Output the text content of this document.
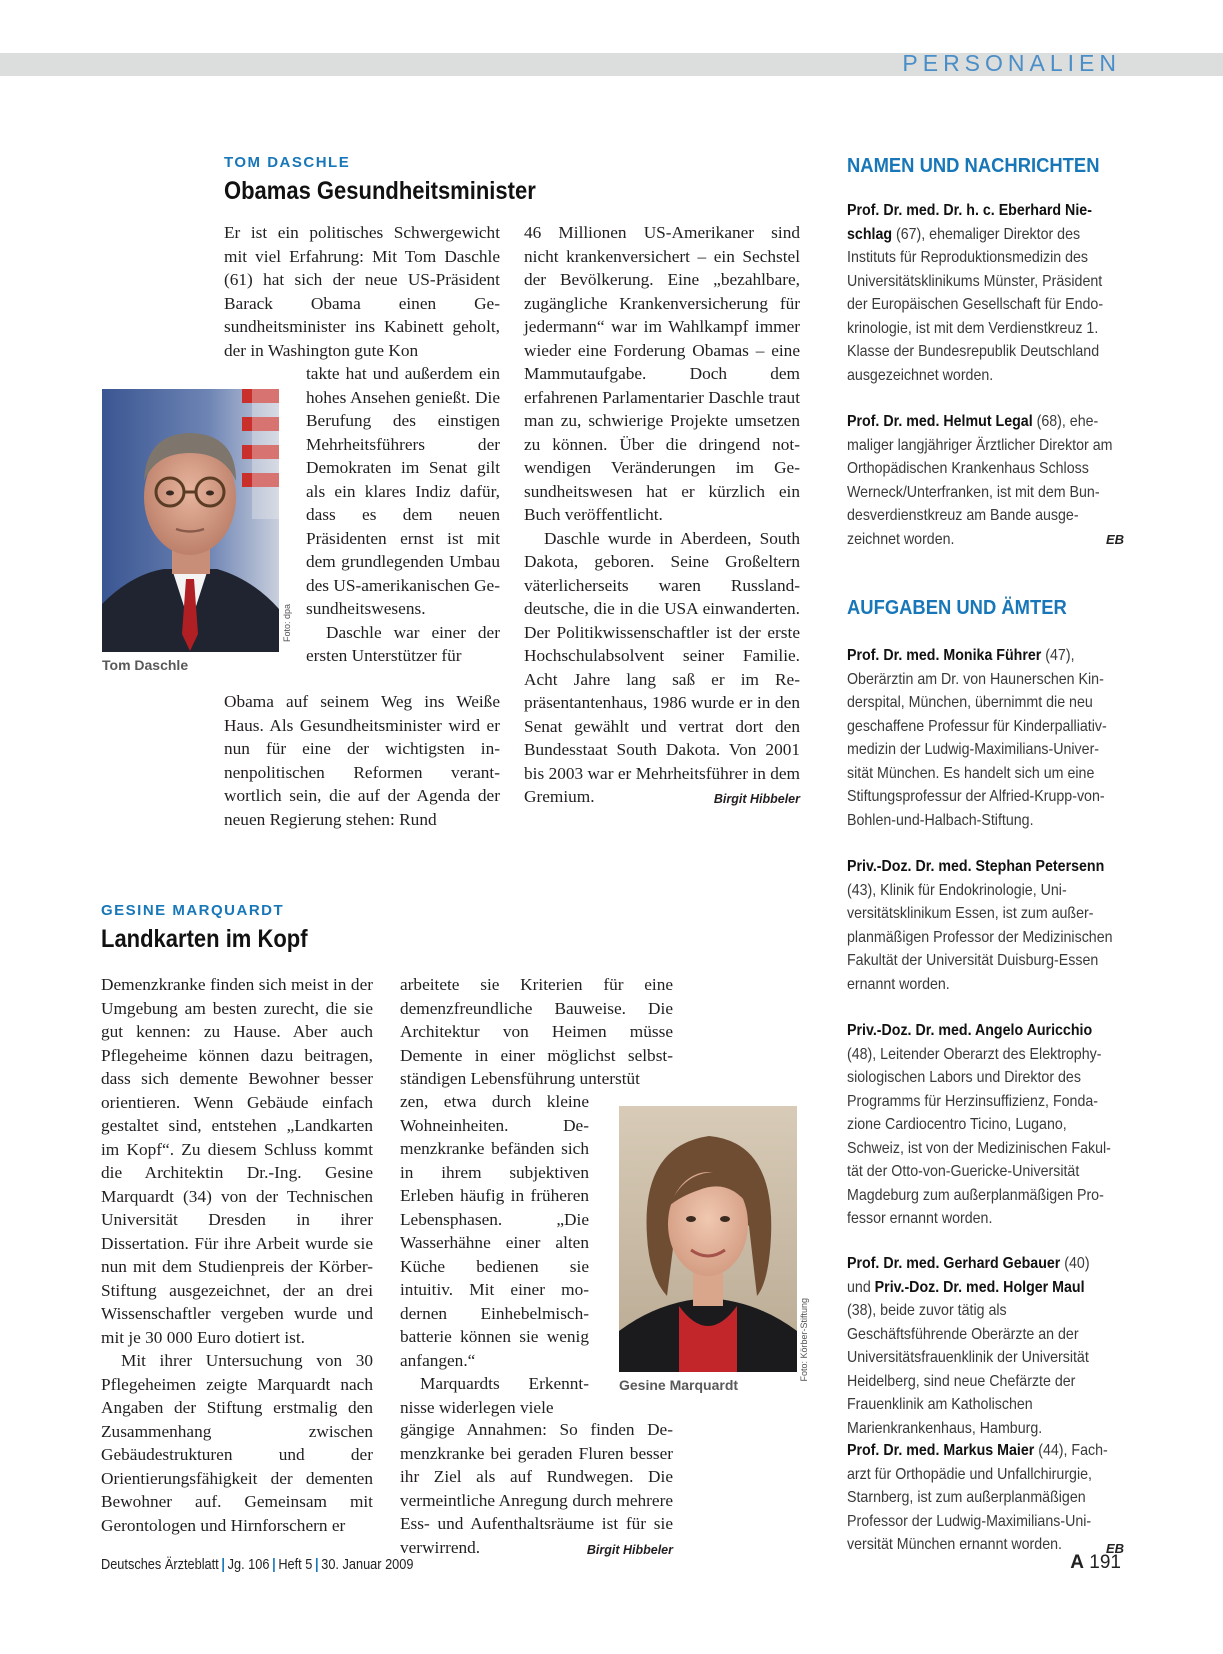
PERSONALIEN
TOM DASCHLE
Obamas Gesundheitsminister
Foto: dpa
Tom Daschle

Er ist ein politisches Schwergewicht mit viel Erfahrung: Mit Tom Daschle (61) hat sich der neue US-Präsident Barack Obama einen Gesundheitsminister ins Kabinett geholt, der in Washington gute Kon

takte hat und außerdem ein hohes Ansehen genießt. Die Berufung des einstigen Mehrheitsführers der Demokraten im Senat gilt als ein klares Indiz dafür, dass es dem neuen Präsidenten ernst ist mit dem grundlegenden Umbau des US-amerikanischen Gesundheitswesens.

Daschle war einer der ersten Unterstützer für

Obama auf seinem Weg ins Weiße Haus. Als Gesundheitsminister wird er nun für eine der wichtigsten innenpolitischen Reformen verantwortlich sein, die auf der Agenda der neuen Regierung stehen: Rund

46 Millionen US-Amerikaner sind nicht krankenversichert – ein Sechstel der Bevölkerung. Eine „bezahlbare, zugängliche Krankenversicherung für jedermann“ war im Wahlkampf immer wieder eine Forderung Obamas – eine Mammutaufgabe. Doch dem erfahrenen Parlamentarier Daschle traut man zu, schwierige Projekte umsetzen zu können. Über die dringend notwendigen Veränderungen im Gesundheitswesen hat er kürzlich ein Buch veröffentlicht.

Daschle wurde in Aberdeen, South Dakota, geboren. Seine Großeltern väterlicherseits waren Russlanddeutsche, die in die USA einwanderten. Der Politikwissenschaftler ist der erste Hochschulabsolvent seiner Familie. Acht Jahre lang saß er im Repräsentantenhaus, 1986 wurde er in den Senat gewählt und vertrat dort den Bundesstaat South Dakota. Von 2001 bis 2003 war er Mehrheitsführer in dem Gremium.	Birgit Hibbeler

GESINE MARQUARDT
Landkarten im Kopf

Demenzkranke finden sich meist in der Umgebung am besten zurecht, die sie gut kennen: zu Hause. Aber auch Pflegeheime können dazu beitragen, dass sich demente Bewohner besser orientieren. Wenn Gebäude einfach gestaltet sind, entstehen „Landkarten im Kopf“. Zu diesem Schluss kommt die Architektin Dr.-Ing. Gesine Marquardt (34) von der Technischen Universität Dresden in ihrer Dissertation. Für ihre Arbeit wurde sie nun mit dem Studienpreis der Körber-Stiftung ausgezeichnet, der an drei Wissenschaftler vergeben wurde und mit je 30 000 Euro dotiert ist.

Mit ihrer Untersuchung von 30 Pflegeheimen zeigte Marquardt nach Angaben der Stiftung erstmalig den Zusammenhang zwischen Gebäudestrukturen und der Orientierungsfähigkeit der dementen Bewohner auf. Gemeinsam mit Gerontologen und Hirnforschern er

arbeitete sie Kriterien für eine demenzfreundliche Bauweise. Die Architektur von Heimen müsse Demente in einer möglichst selbstständigen Lebensführung unterstüt

zen, etwa durch kleine Wohneinheiten. Demenzkranke befänden sich in ihrem subjektiven Erleben häufig in früheren Lebensphasen. „Die Wasserhähne einer alten Küche bedienen sie intuitiv. Mit einer modernen Einhebelmischbatterie können sie wenig anfangen.“

Marquardts Erkenntnisse widerlegen viele

gängige Annahmen: So finden Demenzkranke bei geraden Fluren besser ihr Ziel als auf Rundwegen. Die vermeintliche Anregung durch mehrere Ess- und Aufenthaltsräume ist für sie verwirrend.	Birgit Hibbeler

Foto: Körber-Stiftung
Gesine Marquardt
NAMEN UND NACHRICHTEN
Prof. Dr. med. Dr. h. c. Eberhard Nieschlag (67), ehemaliger Direktor des Instituts für Reproduktionsmedizin des Universitätsklinikums Münster, Präsident der Europäischen Gesellschaft für Endokrinologie, ist mit dem Verdienstkreuz 1. Klasse der Bundesrepublik Deutschland ausgezeichnet worden.
Prof. Dr. med. Helmut Legal (68), ehemaliger langjähriger Ärztlicher Direktor am Orthopädischen Krankenhaus Schloss Werneck/Unterfranken, ist mit dem Bundesverdienstkreuz am Bande ausgezeichnet worden.	EB
AUFGABEN UND ÄMTER
Prof. Dr. med. Monika Führer (47), Oberärztin am Dr. von Haunerschen Kinderspital, München, übernimmt die neu geschaffene Professur für Kinderpalliativmedizin der Ludwig-Maximilians-Universität München. Es handelt sich um eine Stiftungsprofessur der Alfried-Krupp-von-Bohlen-und-Halbach-Stiftung.
Priv.-Doz. Dr. med. Stephan Petersenn (43), Klinik für Endokrinologie, Universitätsklinikum Essen, ist zum außerplanmäßigen Professor der Medizinischen Fakultät der Universität Duisburg-Essen ernannt worden.
Priv.-Doz. Dr. med. Angelo Auricchio (48), Leitender Oberarzt des Elektrophysiologischen Labors und Direktor des Programms für Herzinsuffizienz, Fondazione Cardiocentro Ticino, Lugano, Schweiz, ist von der Medizinischen Fakultät der Otto-von-Guericke-Universität Magdeburg zum außerplanmäßigen Professor ernannt worden.
Prof. Dr. med. Gerhard Gebauer (40) und Priv.-Doz. Dr. med. Holger Maul (38), beide zuvor tätig als Geschäftsführende Oberärzte an der Universitätsfrauenklinik der Universität Heidelberg, sind neue Chefärzte der Frauenklinik am Katholischen Marienkrankenhaus, Hamburg.
Prof. Dr. med. Markus Maier (44), Facharzt für Orthopädie und Unfallchirurgie, Starnberg, ist zum außerplanmäßigen Professor der Ludwig-Maximilians-Universität München ernannt worden.	EB
Deutsches Ärzteblatt | Jg. 106 | Heft 5 | 30. Januar 2009	A 191
